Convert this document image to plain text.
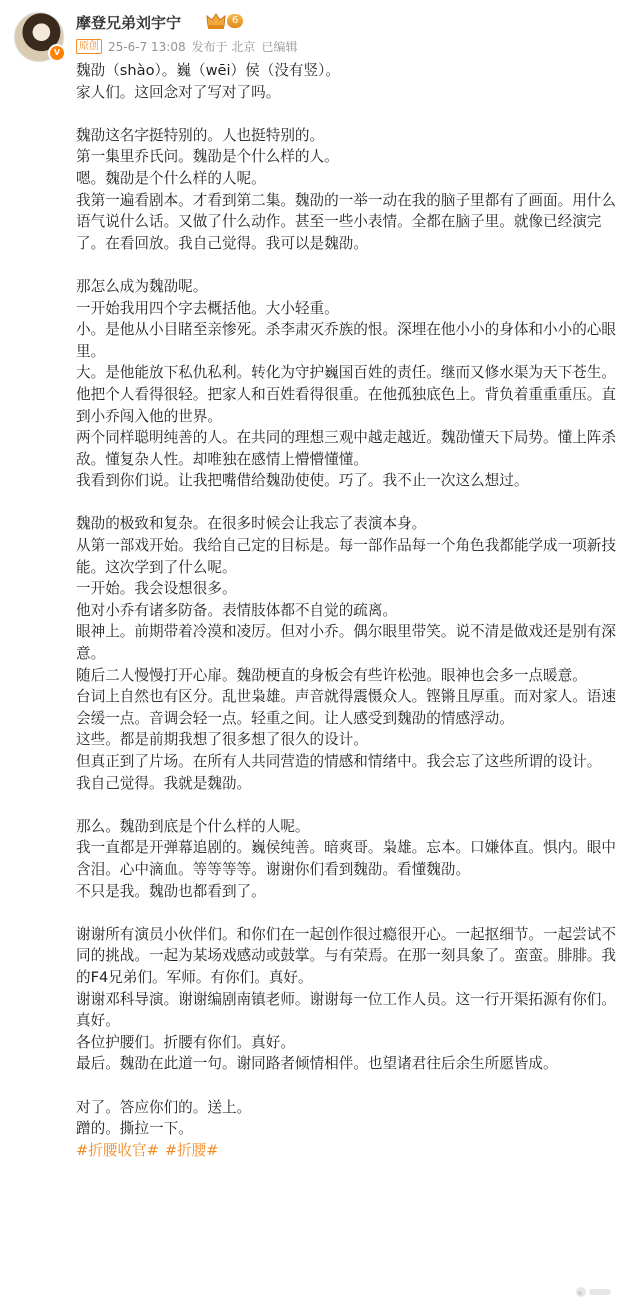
V
摩登兄弟刘宇宁	6
原创 25-6-7 13:08 发布于 北京 已编辑

魏劭（shào）。巍（wēi）侯（没有竖）。

家人们。这回念对了写对了吗。

魏劭这名字挺特别的。人也挺特别的。

第一集里乔氏问。魏劭是个什么样的人。

嗯。魏劭是个什么样的人呢。

我第一遍看剧本。才看到第二集。魏劭的一举一动在我的脑子里都有了画面。用什么语气说什么话。又做了什么动作。甚至一些小表情。全都在脑子里。就像已经演完了。在看回放。我自己觉得。我可以是魏劭。

那怎么成为魏劭呢。

一开始我用四个字去概括他。大小轻重。

小。是他从小目睹至亲惨死。杀李肃灭乔族的恨。深埋在他小小的身体和小小的心眼里。

大。是他能放下私仇私利。转化为守护巍国百姓的责任。继而又修水渠为天下苍生。

他把个人看得很轻。把家人和百姓看得很重。在他孤独底色上。背负着重重重压。直到小乔闯入他的世界。

两个同样聪明纯善的人。在共同的理想三观中越走越近。魏劭懂天下局势。懂上阵杀敌。懂复杂人性。却唯独在感情上懵懵懂懂。

我看到你们说。让我把嘴借给魏劭使使。巧了。我不止一次这么想过。

魏劭的极致和复杂。在很多时候会让我忘了表演本身。

从第一部戏开始。我给自己定的目标是。每一部作品每一个角色我都能学成一项新技能。这次学到了什么呢。

一开始。我会设想很多。

他对小乔有诸多防备。表情肢体都不自觉的疏离。

眼神上。前期带着冷漠和凌厉。但对小乔。偶尔眼里带笑。说不清是做戏还是别有深意。

随后二人慢慢打开心扉。魏劭梗直的身板会有些许松弛。眼神也会多一点暖意。

台词上自然也有区分。乱世枭雄。声音就得震慑众人。铿锵且厚重。而对家人。语速会缓一点。音调会轻一点。轻重之间。让人感受到魏劭的情感浮动。

这些。都是前期我想了很多想了很久的设计。

但真正到了片场。在所有人共同营造的情感和情绪中。我会忘了这些所谓的设计。

我自己觉得。我就是魏劭。

那么。魏劭到底是个什么样的人呢。

我一直都是开弹幕追剧的。巍侯纯善。暗爽哥。枭雄。忘本。口嫌体直。惧内。眼中含泪。心中滴血。等等等等。谢谢你们看到魏劭。看懂魏劭。

不只是我。魏劭也都看到了。

谢谢所有演员小伙伴们。和你们在一起创作很过瘾很开心。一起抠细节。一起尝试不同的挑战。一起为某场戏感动或鼓掌。与有荣焉。在那一刻具象了。蛮蛮。腓腓。我的F4兄弟们。军师。有你们。真好。

谢谢邓科导演。谢谢编剧南镇老师。谢谢每一位工作人员。这一行开渠拓源有你们。真好。

各位护腰们。折腰有你们。真好。

最后。魏劭在此道一句。谢同路者倾情相伴。也望诸君往后余生所愿皆成。

对了。答应你们的。送上。

蹭的。撕拉一下。

#折腰收官# #折腰#
